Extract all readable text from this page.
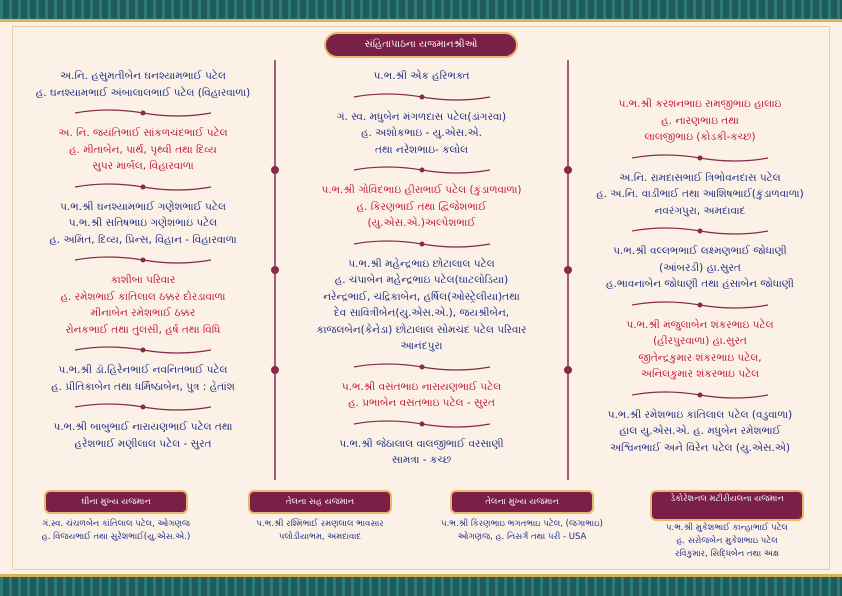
સંહિતાપાઠના યજમાનશ્રીઓ
અ.નિ. હસુમતીબેન ઘનશ્યામભાઈ પટેલ
હ. ઘનશ્યામભાઈ અંબાલાલભાઈ પટેલ (વિહારવાળા)
અ. નિ. જયંતિભાઈ સાંકળચંદભાઈ પટેલ
હ. મીતાબેન, પાર્થ, પૃથ્વી તથા દિવ્ય
સુપર માર્બલ, વિહારવાળા
પ.ભ.શ્રી ઘનશ્યામભાઈ ગણેશભાઈ પટેલ
પ.ભ.શ્રી સતિષભાઇ ગણેશભાઇ પટેલ
હ. અમિત, દિવ્ય, પ્રિન્સ, વિહાન - વિહારવાળા
કાશીબા પરિવાર
હ. રમેશભાઈ કાંતિલાલ ઠક્કર દોરડાવાળા
મીનાબેન રમેશભાઈ ઠક્કર
રોનકભાઈ તથા તુલસી, હર્ષ તથા વિધિ
પ.ભ.શ્રી ડૉ.હિરેનભાઈ નવનિતભાઈ પટેલ
હ. પ્રીતિકાબેન તથા ધર્મિષ્ઠાબેન, પુત્ર : હેતાંશ
પ.ભ.શ્રી બાબુભાઈ નારાયણભાઈ પટેલ તથા
હરેશભાઈ મણીલાલ પટેલ - સુરત
પ.ભ.શ્રી એક હરિભક્ત
ગં. સ્વ. મધુબેન મંગળદાસ પટેલ(ડાંગરવા)
હ. અશોકભાઇ - યુ.એસ.એ.
તથા નરેશભાઇ- કલોલ
પ.ભ.શ્રી ગોવિંદભાઇ હીરાભાઈ પટેલ (કુંડાળવાળા)
હ. કિરણભાઈ તથા દ્વિજેશભાઈ
(યુ.એસ.એ.)અલ્પેશભાઈ
પ.ભ.શ્રી મહેન્દ્રભાઇ છોટાલાલ પટેલ
હ. ચંપાબેન મહેન્દ્રભાઇ પટેલ(ઘાટલોડિયા)
નરેન્દ્રભાઈ, ચંદ્રિકાબેન, હર્ષિલ(ઓસ્ટ્રેલીયા)તથા
દેવ સાવિત્રીબેન(યુ.એસ.એ.), જયશ્રીબેન,
કાજલબેન(કેનેડા) છોટાલાલ સોમચંદ પટેલ પરિવાર
આનંદપુરા
પ.ભ.શ્રી વસંતભાઇ નારાયણભાઈ પટેલ
હ. પ્રભાબેન વસંતભાઇ પટેલ - સુરત
પ.ભ.શ્રી જેઠાલાલ વાલજીભાઈ વરસાણી
સામત્રા - કચ્છ
પ.ભ.શ્રી કરશનભાઇ રામજીભાઇ હાલાઇ
હ. નારણભાઇ તથા
લાલજીભાઇ (કોડકી-કચ્છ)
અ.નિ. રામદાસભાઈ ત્રિભોવનદાસ પટેલ
હ. અ.નિ. વાડીભાઈ તથા આશિષભાઈ(કુંડાળવાળા)
નવરંગપુરા, અમદાવાદ
પ.ભ.શ્રી વલ્લભભાઈ લક્ષ્મણભાઈ જોધાણી
(આંબરડી) હા.સુરત
હ.ભાવનાબેન જોધાણી તથા હંસાબેન જોધાણી
પ.ભ.શ્રી મંજુલાબેન શંકરભાઇ પટેલ
(હીરપુરવાળા) હા.સુરત
જીતેન્દ્રકુમાર શંકરભાઇ પટેલ,
અનિલકુમાર શંકરભાઇ પટેલ
પ.ભ.શ્રી રમેશભાઇ કાંતિલાલ પટેલ (વડુવાળા)
હાલ યુ.એસ.એ. હ. મધુબેન રમેશભાઈ
અશ્વિનભાઈ અને વિરેન પટેલ (યુ.એસ.એ)
ઘીના મુખ્ય યજમાન
ગં.સ્વ. ચંચળબેન કાંતિલાલ પટેલ, ઓગણજ
હ. વિજયભાઈ તથા સુરેશભાઈ(યુ.એસ.એ.)
તેલના સહ યજમાન
પ.ભ.શ્રી રશ્મિભાઈ રમણલાલ ભાવસાર
પલોડીયાભમ, અમદાવાદ
તેલના મુખ્ય યજમાન
પ.ભ.શ્રી કિરણભાઇ ભગતભાઇ પટેલ, (જગાભાઇ)
ઓગણજ, હ. નિસર્ગ તથા પરી - USA
ડેકોરેશનલ મટીરીયલના યજમાન
પ.ભ.શ્રી મુકેશભાઈ કાન્હાભાઈ પટેલ
હ. સરોજબેન મુકેશભાઇ પટેલ
રવિકુમાર, સિદ્ધિબેન તથા અક્ષ
